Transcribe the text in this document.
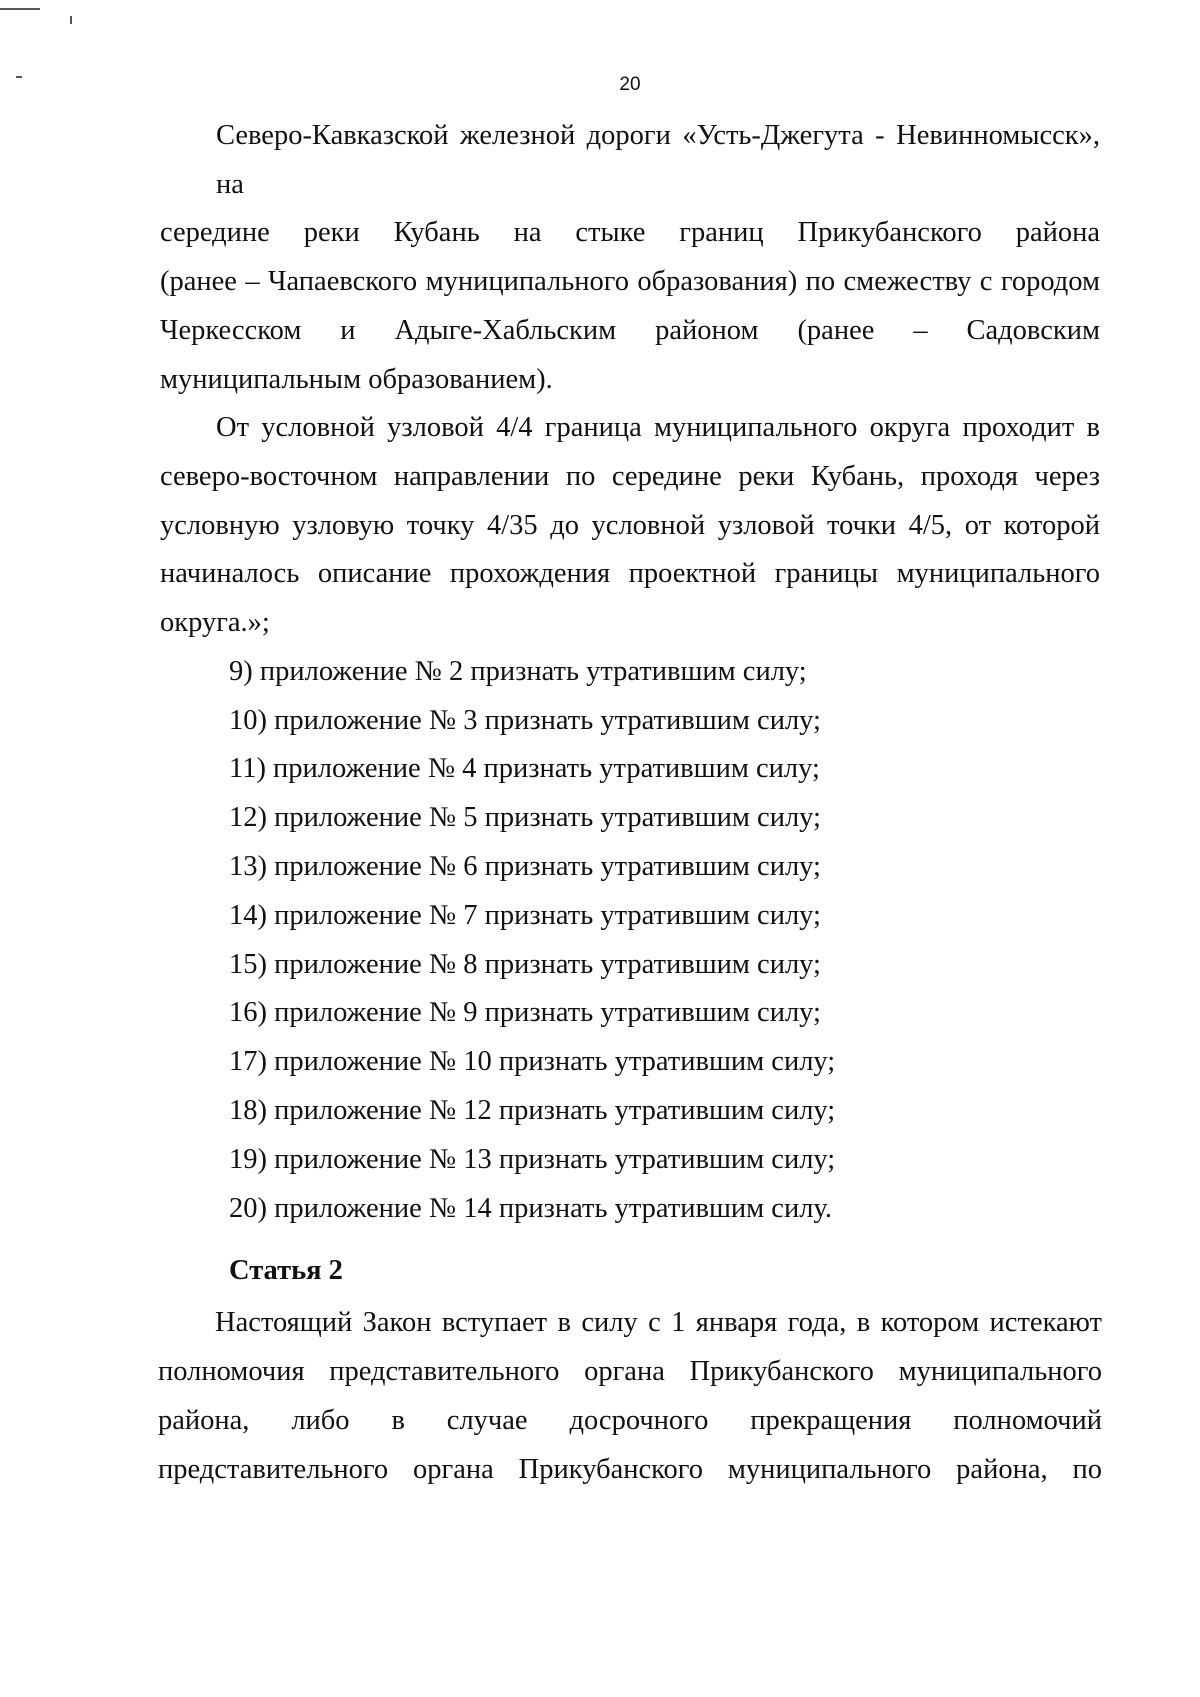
20

Северо-Кавказской железной дороги «Усть-Джегута - Невинномысск», на
середине реки Кубань на стыке границ Прикубанского района
(ранее – Чапаевского муниципального образования) по смежеству с городом
Черкесском и Адыге-Хабльским районом (ранее – Садовским
муниципальным образованием).

От условной узловой 4/4 граница муниципального округа проходит в
северо-восточном направлении по середине реки Кубань, проходя через
условную узловую точку 4/35 до условной узловой точки 4/5, от которой
начиналось описание прохождения проектной границы муниципального
округа.»;

9) приложение № 2 признать утратившим силу;

10) приложение № 3 признать утратившим силу;

11) приложение № 4 признать утратившим силу;

12) приложение № 5 признать утратившим силу;

13) приложение № 6 признать утратившим силу;

14) приложение № 7 признать утратившим силу;

15) приложение № 8 признать утратившим силу;

16) приложение № 9 признать утратившим силу;

17) приложение № 10 признать утратившим силу;

18) приложение № 12 признать утратившим силу;

19) приложение № 13 признать утратившим силу;

20) приложение № 14 признать утратившим силу.

Статья 2
Настоящий Закон вступает в силу с 1 января года, в котором истекают
полномочия представительного органа Прикубанского муниципального
района, либо в случае досрочного прекращения полномочий
представительного органа Прикубанского муниципального района, по
